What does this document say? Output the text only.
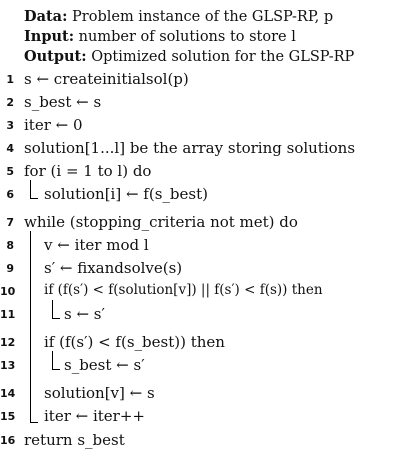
Data: Problem instance of the GLSP-RP, p
Input: number of solutions to store l
Output: Optimized solution for the GLSP-RP
1 s ← createinitialsol(p)
2 s_best ← s
3 iter ← 0
4 solution[1...l] be the array storing solutions
5 for (i = 1 to l) do
6 solution[i] ← f(s_best)
7 while (stopping_criteria not met) do
8 v ← iter mod l
9 s′ ← fixandsolve(s)
10 if (f(s′) < f(solution[v]) || f(s′) < f(s)) then
11	s ← s′
12 if (f(s′) < f(s_best)) then
13	s_best ← s′
14 solution[v] ← s
15 iter ← iter++
16 return s_best
